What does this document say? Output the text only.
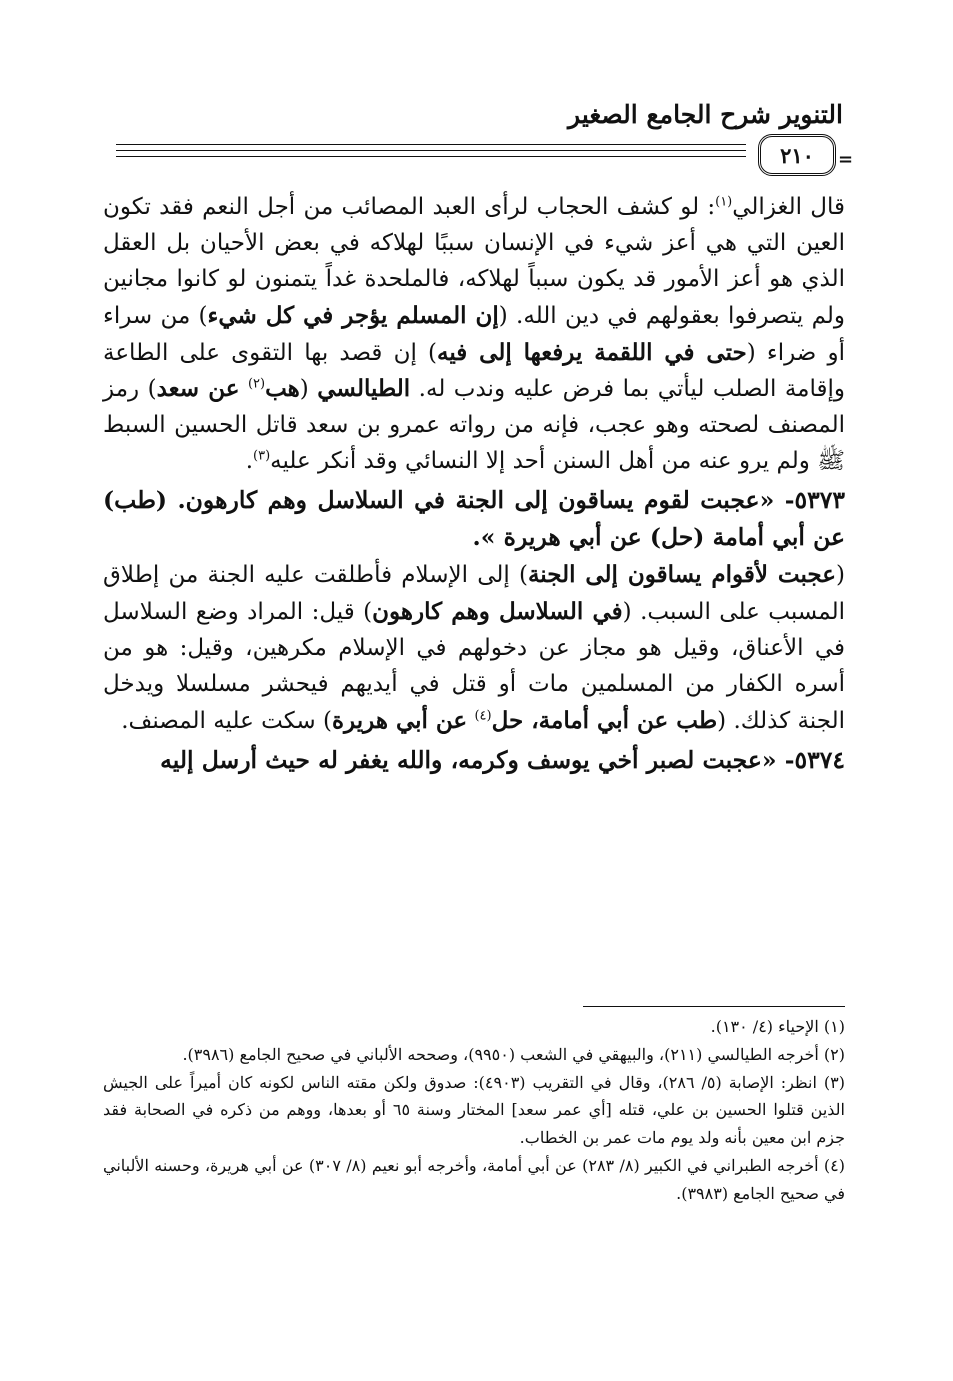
التنوير شرح الجامع الصغير
٢١٠ =
قال الغزالي$^{(١)}$: لو كشف الحجاب لرأى العبد المصائب من أجل النعم فقد تكون العين التي هي أعز شيء في الإنسان سببًا لهلاكه في بعض الأحيان بل العقل الذي هو أعز الأمور قد يكون سبباً لهلاكه، فالملحدة غداً يتمنون لو كانوا مجانين ولم يتصرفوا بعقولهم في دين الله. (إن المسلم يؤجر في كل شيء) من سراء أو ضراء (حتى في اللقمة يرفعها إلى فيه) إن قصد بها التقوى على الطاعة وإقامة الصلب ليأتي بما فرض عليه وندب له. الطيالسي (هب$^{(٢)}$ عن سعد) رمز المصنف لصحته وهو عجب، فإنه من رواته عمرو بن سعد قاتل الحسين السبط ﷺ ولم يرو عنه من أهل السنن أحد إلا النسائي وقد أنكر عليه$^{(٣)}$.
٥٣٧٣- «عجبت لقوم يساقون إلى الجنة في السلاسل وهم كارهون. (طب) عن أبي أمامة (حل) عن أبي هريرة ».
(عجبت لأقوام يساقون إلى الجنة) إلى الإسلام فأطلقت عليه الجنة من إطلاق المسبب على السبب. (في السلاسل وهم كارهون) قيل: المراد وضع السلاسل في الأعناق، وقيل هو مجاز عن دخولهم في الإسلام مكرهين، وقيل: هو من أسره الكفار من المسلمين مات أو قتل في أيديهم فيحشر مسلسلا ويدخل الجنة كذلك. (طب عن أبي أمامة، حل$^{(٤)}$ عن أبي هريرة) سكت عليه المصنف.
٥٣٧٤- «عجبت لصبر أخي يوسف وكرمه، والله يغفر له حيث أرسل إليه
(١) الإحياء (٤/ ١٣٠).
(٢) أخرجه الطيالسي (٢١١)، والبيهقي في الشعب (٩٩٥٠)، وصححه الألباني في صحيح الجامع (٣٩٨٦).
(٣) انظر: الإصابة (٥/ ٢٨٦)، وقال في التقريب (٤٩٠٣): صدوق ولكن مقته الناس لكونه كان أميراً على الجيش الذين قتلوا الحسين بن علي، قتله [أي عمر سعد] المختار وسنة ٦٥ أو بعدها، ووهم من ذكره في الصحابة فقد جزم ابن معين بأنه ولد يوم مات عمر بن الخطاب.
(٤) أخرجه الطبراني في الكبير (٨/ ٢٨٣) عن أبي أمامة، وأخرجه أبو نعيم (٨/ ٣٠٧) عن أبي هريرة، وحسنه الألباني في صحيح الجامع (٣٩٨٣).
